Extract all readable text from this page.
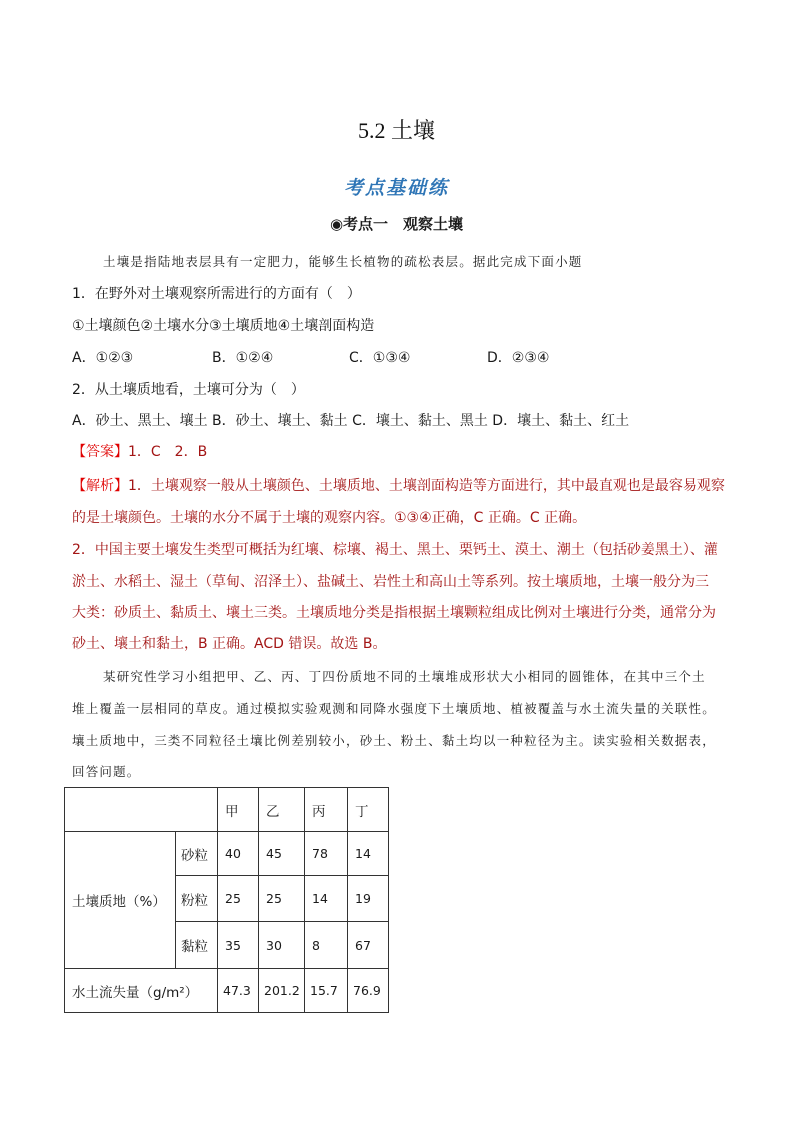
5.2 土壤
考点基础练
◉考点一　观察土壤
土壤是指陆地表层具有一定肥力，能够生长植物的疏松表层。据此完成下面小题
1．在野外对土壤观察所需进行的方面有（　）
①土壤颜色②土壤水分③土壤质地④土壤剖面构造
A．①②③	B．①②④	C．①③④	D．②③④
2．从土壤质地看，土壤可分为（　）
A．砂土、黑土、壤土 B．砂土、壤土、黏土 C．壤土、黏土、黑土 D．壤土、黏土、红土
【答案】1．C　2．B
【解析】1．土壤观察一般从土壤颜色、土壤质地、土壤剖面构造等方面进行，其中最直观也是最容易观察
的是土壤颜色。土壤的水分不属于土壤的观察内容。①③④正确，C 正确。C 正确。
2．中国主要土壤发生类型可概括为红壤、棕壤、褐土、黑土、栗钙土、漠土、潮土（包括砂姜黑土）、灌
淤土、水稻土、湿土（草甸、沼泽土）、盐碱土、岩性土和高山土等系列。按土壤质地，土壤一般分为三
大类：砂质土、黏质土、壤土三类。土壤质地分类是指根据土壤颗粒组成比例对土壤进行分类，通常分为
砂土、壤土和黏土，B 正确。ACD 错误。故选 B。
某研究性学习小组把甲、乙、丙、丁四份质地不同的土壤堆成形状大小相同的圆锥体，在其中三个土
堆上覆盖一层相同的草皮。通过模拟实验观测和同降水强度下土壤质地、植被覆盖与水土流失量的关联性。
壤土质地中，三类不同粒径土壤比例差别较小，砂土、粉土、黏土均以一种粒径为主。读实验相关数据表，
回答问题。
		甲	乙	丙	丁
土壤质地（%）	砂粒	40	45	78	14
	粉粒	25	25	14	19
	黏粒	35	30	8	67
水土流失量（g/m²）		47.3	201.2	15.7	76.9
